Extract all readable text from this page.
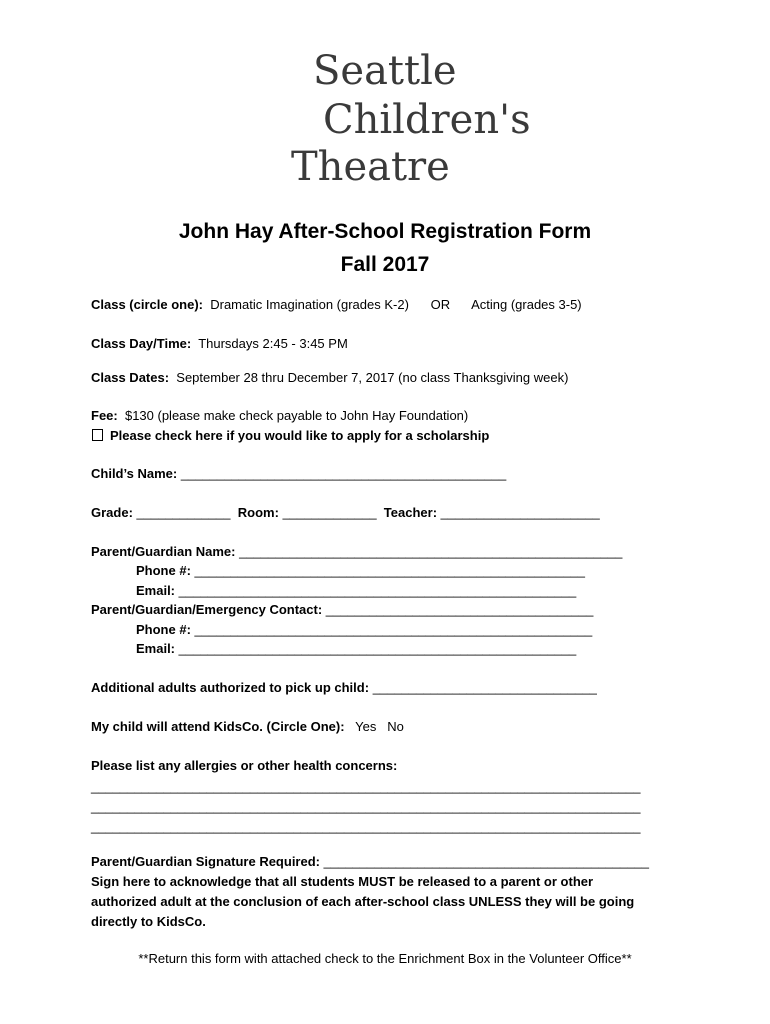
Seattle
Children's
Theatre
John Hay After-School Registration Form
Fall 2017
Class (circle one): Dramatic Imagination (grades K-2) OR Acting (grades 3-5)
Class Day/Time: Thursdays 2:45 - 3:45 PM
Class Dates: September 28 thru December 7, 2017 (no class Thanksgiving week)
Fee: $130 (please make check payable to John Hay Foundation)
Please check here if you would like to apply for a scholarship
Child’s Name: _____________________________________________
Grade: _____________ Room: _____________ Teacher: ______________________
Parent/Guardian Name: _____________________________________________________
Phone #: ______________________________________________________
Email: _______________________________________________________
Parent/Guardian/Emergency Contact: _____________________________________
Phone #: _______________________________________________________
Email: _______________________________________________________
Additional adults authorized to pick up child: _______________________________
My child will attend KidsCo. (Circle One): Yes No
Please list any allergies or other health concerns:
____________________________________________________________________________
____________________________________________________________________________
____________________________________________________________________________
Parent/Guardian Signature Required: _____________________________________________
Sign here to acknowledge that all students MUST be released to a parent or other
authorized adult at the conclusion of each after-school class UNLESS they will be going
directly to KidsCo.
**Return this form with attached check to the Enrichment Box in the Volunteer Office**
